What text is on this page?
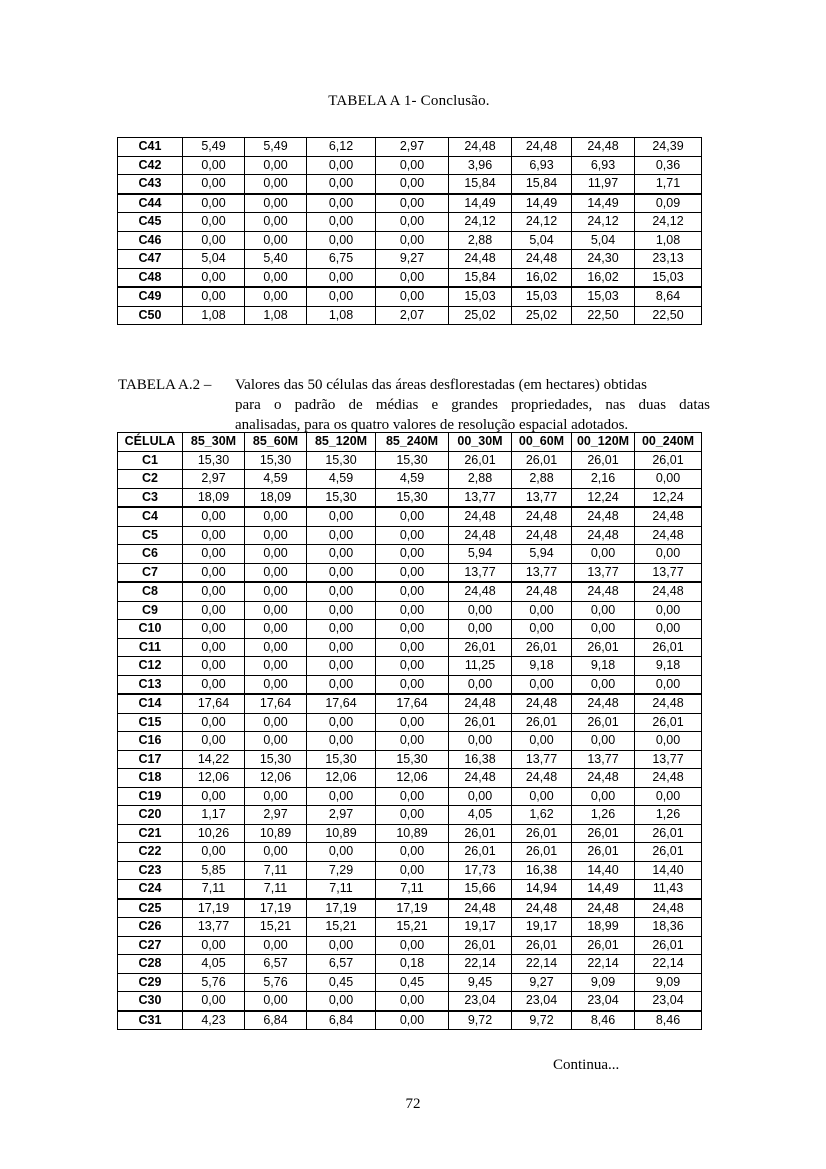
TABELA A 1- Conclusão.
C41	5,49	5,49	6,12	2,97	24,48	24,48	24,48	24,39
C42	0,00	0,00	0,00	0,00	3,96	6,93	6,93	0,36
C43	0,00	0,00	0,00	0,00	15,84	15,84	11,97	1,71
C44	0,00	0,00	0,00	0,00	14,49	14,49	14,49	0,09
C45	0,00	0,00	0,00	0,00	24,12	24,12	24,12	24,12
C46	0,00	0,00	0,00	0,00	2,88	5,04	5,04	1,08
C47	5,04	5,40	6,75	9,27	24,48	24,48	24,30	23,13
C48	0,00	0,00	0,00	0,00	15,84	16,02	16,02	15,03
C49	0,00	0,00	0,00	0,00	15,03	15,03	15,03	8,64
C50	1,08	1,08	1,08	2,07	25,02	25,02	22,50	22,50
TABELA A.2 –	Valores das 50 células das áreas desflorestadas (em hectares) obtidas
para o padrão de médias e grandes propriedades, nas duas datas
analisadas, para os quatro valores de resolução espacial adotados.
CÉLULA	85_30M	85_60M	85_120M	85_240M	00_30M	00_60M	00_120M	00_240M
C1	15,30	15,30	15,30	15,30	26,01	26,01	26,01	26,01
C2	2,97	4,59	4,59	4,59	2,88	2,88	2,16	0,00
C3	18,09	18,09	15,30	15,30	13,77	13,77	12,24	12,24
C4	0,00	0,00	0,00	0,00	24,48	24,48	24,48	24,48
C5	0,00	0,00	0,00	0,00	24,48	24,48	24,48	24,48
C6	0,00	0,00	0,00	0,00	5,94	5,94	0,00	0,00
C7	0,00	0,00	0,00	0,00	13,77	13,77	13,77	13,77
C8	0,00	0,00	0,00	0,00	24,48	24,48	24,48	24,48
C9	0,00	0,00	0,00	0,00	0,00	0,00	0,00	0,00
C10	0,00	0,00	0,00	0,00	0,00	0,00	0,00	0,00
C11	0,00	0,00	0,00	0,00	26,01	26,01	26,01	26,01
C12	0,00	0,00	0,00	0,00	11,25	9,18	9,18	9,18
C13	0,00	0,00	0,00	0,00	0,00	0,00	0,00	0,00
C14	17,64	17,64	17,64	17,64	24,48	24,48	24,48	24,48
C15	0,00	0,00	0,00	0,00	26,01	26,01	26,01	26,01
C16	0,00	0,00	0,00	0,00	0,00	0,00	0,00	0,00
C17	14,22	15,30	15,30	15,30	16,38	13,77	13,77	13,77
C18	12,06	12,06	12,06	12,06	24,48	24,48	24,48	24,48
C19	0,00	0,00	0,00	0,00	0,00	0,00	0,00	0,00
C20	1,17	2,97	2,97	0,00	4,05	1,62	1,26	1,26
C21	10,26	10,89	10,89	10,89	26,01	26,01	26,01	26,01
C22	0,00	0,00	0,00	0,00	26,01	26,01	26,01	26,01
C23	5,85	7,11	7,29	0,00	17,73	16,38	14,40	14,40
C24	7,11	7,11	7,11	7,11	15,66	14,94	14,49	11,43
C25	17,19	17,19	17,19	17,19	24,48	24,48	24,48	24,48
C26	13,77	15,21	15,21	15,21	19,17	19,17	18,99	18,36
C27	0,00	0,00	0,00	0,00	26,01	26,01	26,01	26,01
C28	4,05	6,57	6,57	0,18	22,14	22,14	22,14	22,14
C29	5,76	5,76	0,45	0,45	9,45	9,27	9,09	9,09
C30	0,00	0,00	0,00	0,00	23,04	23,04	23,04	23,04
C31	4,23	6,84	6,84	0,00	9,72	9,72	8,46	8,46
Continua...
72
